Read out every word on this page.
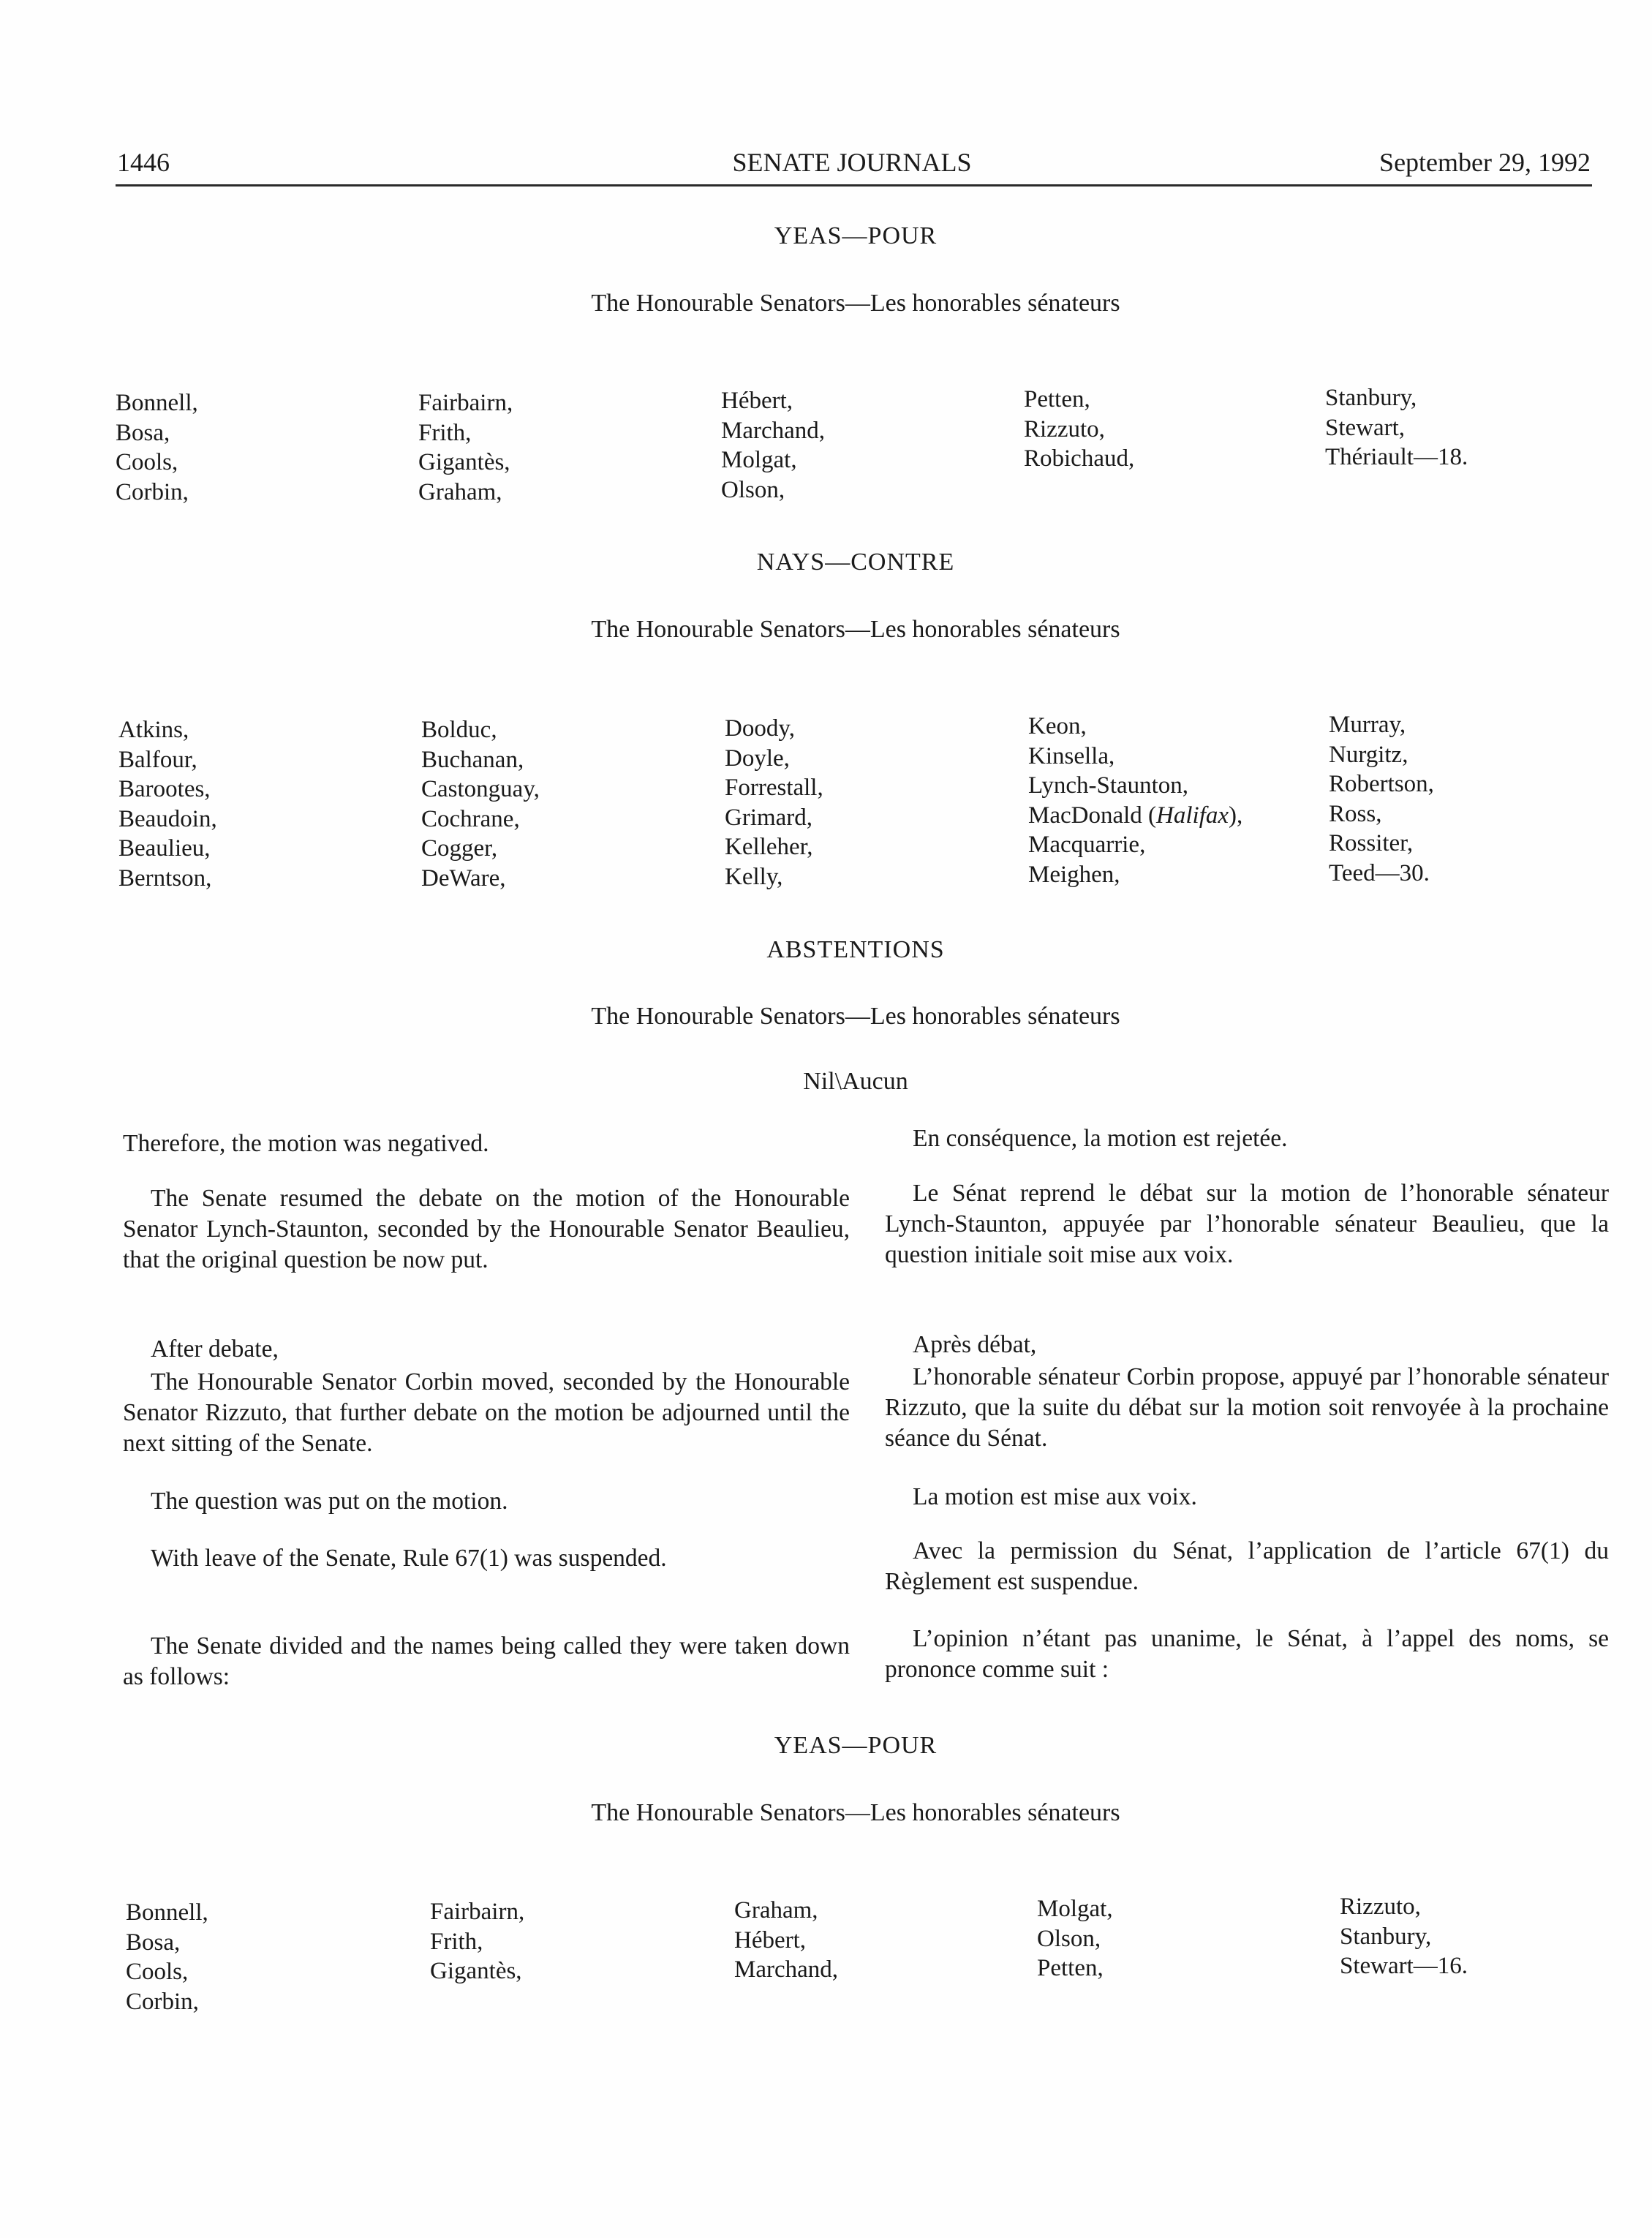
1446	SENATE JOURNALS	September 29, 1992
YEAS—POUR
The Honourable Senators—Les honorables sénateurs
Bonnell,
Bosa,
Cools,
Corbin,
Fairbairn,
Frith,
Gigantès,
Graham,
Hébert,
Marchand,
Molgat,
Olson,
Petten,
Rizzuto,
Robichaud,
Stanbury,
Stewart,
Thériault—18.
NAYS—CONTRE
The Honourable Senators—Les honorables sénateurs
Atkins,
Balfour,
Barootes,
Beaudoin,
Beaulieu,
Berntson,
Bolduc,
Buchanan,
Castonguay,
Cochrane,
Cogger,
DeWare,
Doody,
Doyle,
Forrestall,
Grimard,
Kelleher,
Kelly,
Keon,
Kinsella,
Lynch-Staunton,
MacDonald (Halifax),
Macquarrie,
Meighen,
Murray,
Nurgitz,
Robertson,
Ross,
Rossiter,
Teed—30.
ABSTENTIONS
The Honourable Senators—Les honorables sénateurs
Nil\Aucun
Therefore, the motion was negatived.
The Senate resumed the debate on the motion of the Honourable Senator Lynch-Staunton, seconded by the Honourable Senator Beaulieu, that the original question be now put.
After debate,
The Honourable Senator Corbin moved, seconded by the Honourable Senator Rizzuto, that further debate on the motion be adjourned until the next sitting of the Senate.
The question was put on the motion.
With leave of the Senate, Rule 67(1) was suspended.
The Senate divided and the names being called they were taken down as follows:
En conséquence, la motion est rejetée.
Le Sénat reprend le débat sur la motion de l’honorable sénateur Lynch-Staunton, appuyée par l’honorable sénateur Beaulieu, que la question initiale soit mise aux voix.
Après débat,
L’honorable sénateur Corbin propose, appuyé par l’honorable sénateur Rizzuto, que la suite du débat sur la motion soit renvoyée à la prochaine séance du Sénat.
La motion est mise aux voix.
Avec la permission du Sénat, l’application de l’article 67(1) du Règlement est suspendue.
L’opinion n’étant pas unanime, le Sénat, à l’appel des noms, se prononce comme suit :
YEAS—POUR
The Honourable Senators—Les honorables sénateurs
Bonnell,
Bosa,
Cools,
Corbin,
Fairbairn,
Frith,
Gigantès,
Graham,
Hébert,
Marchand,
Molgat,
Olson,
Petten,
Rizzuto,
Stanbury,
Stewart—16.
